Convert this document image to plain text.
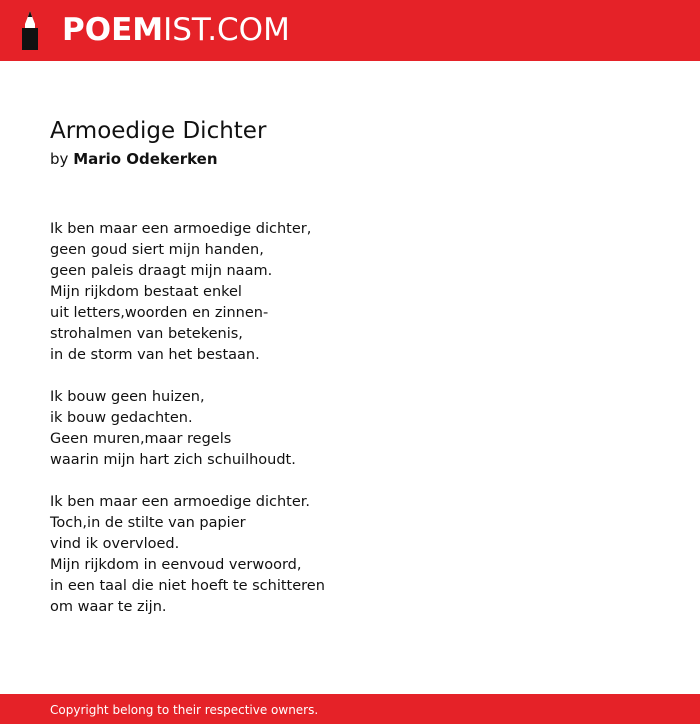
POEMIST.COM
Armoedige Dichter
by Mario Odekerken
Ik ben maar een armoedige dichter,
geen goud siert mijn handen,
geen paleis draagt mijn naam.
Mijn rijkdom bestaat enkel
uit letters,woorden en zinnen-
strohalmen van betekenis,
in de storm van het bestaan.
Ik bouw geen huizen,
ik bouw gedachten.
Geen muren,maar regels
waarin mijn hart zich schuilhoudt.
Ik ben maar een armoedige dichter.
Toch,in de stilte van papier
vind ik overvloed.
Mijn rijkdom in eenvoud verwoord,
in een taal die niet hoeft te schitteren
om waar te zijn.
Copyright belong to their respective owners.
